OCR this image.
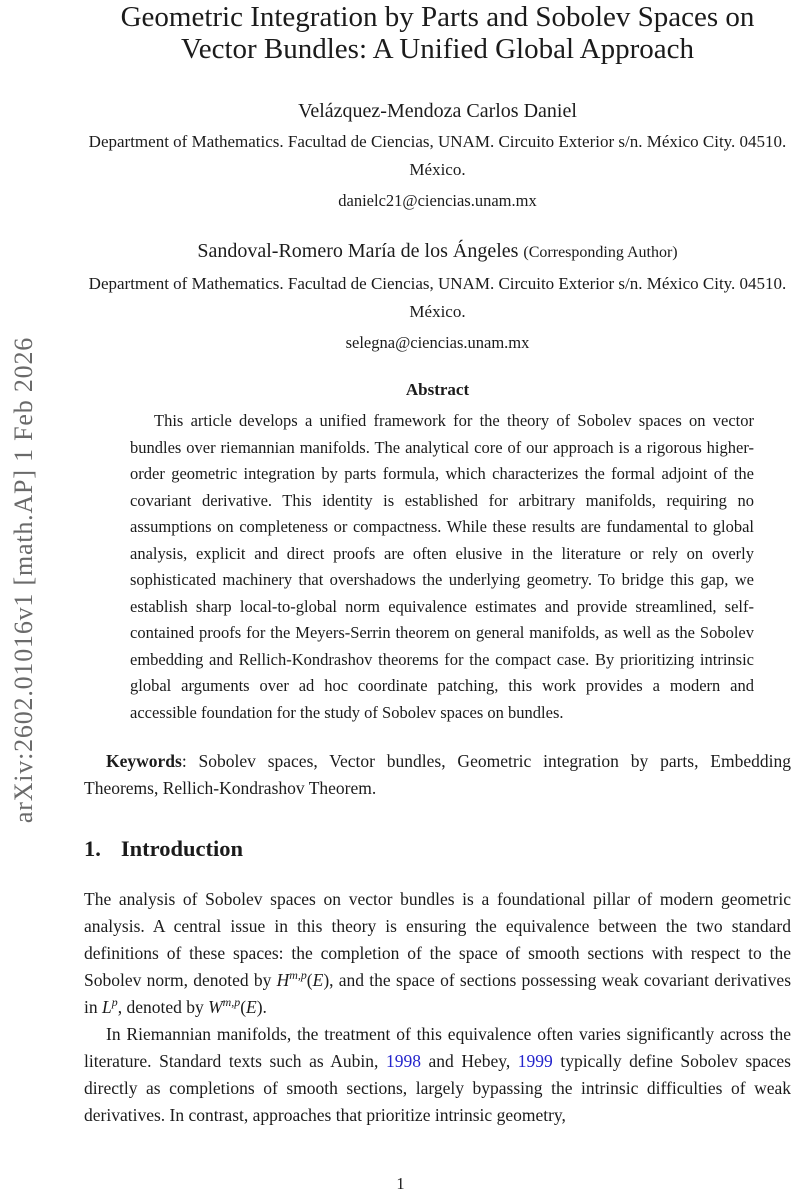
arXiv:2602.01016v1 [math.AP] 1 Feb 2026
Geometric Integration by Parts and Sobolev Spaces on Vector Bundles: A Unified Global Approach
Velázquez-Mendoza Carlos Daniel
Department of Mathematics. Facultad de Ciencias, UNAM. Circuito Exterior s/n. México City. 04510. México.
danielc21@ciencias.unam.mx
Sandoval-Romero María de los Ángeles (Corresponding Author)
Department of Mathematics. Facultad de Ciencias, UNAM. Circuito Exterior s/n. México City. 04510. México.
selegna@ciencias.unam.mx
Abstract
This article develops a unified framework for the theory of Sobolev spaces on vector bundles over riemannian manifolds. The analytical core of our approach is a rigorous higher-order geometric integration by parts formula, which characterizes the formal adjoint of the covariant derivative. This identity is established for arbitrary manifolds, requiring no assumptions on completeness or compactness. While these results are fundamental to global analysis, explicit and direct proofs are often elusive in the literature or rely on overly sophisticated machinery that overshadows the underlying geometry. To bridge this gap, we establish sharp local-to-global norm equivalence estimates and provide streamlined, self-contained proofs for the Meyers-Serrin theorem on general manifolds, as well as the Sobolev embedding and Rellich-Kondrashov theorems for the compact case. By prioritizing intrinsic global arguments over ad hoc coordinate patching, this work provides a modern and accessible foundation for the study of Sobolev spaces on bundles.
Keywords: Sobolev spaces, Vector bundles, Geometric integration by parts, Embedding Theorems, Rellich-Kondrashov Theorem.
1. Introduction

The analysis of Sobolev spaces on vector bundles is a foundational pillar of modern geometric analysis. A central issue in this theory is ensuring the equivalence between the two standard definitions of these spaces: the completion of the space of smooth sections with respect to the Sobolev norm, denoted by H$^{m,p}$(E), and the space of sections possessing weak covariant derivatives in $L^p$, denoted by W$^{m,p}$(E).

In Riemannian manifolds, the treatment of this equivalence often varies significantly across the literature. Standard texts such as Aubin, 1998 and Hebey, 1999 typically define Sobolev spaces directly as completions of smooth sections, largely bypassing the intrinsic difficulties of weak derivatives. In contrast, approaches that prioritize intrinsic geometry,

1
